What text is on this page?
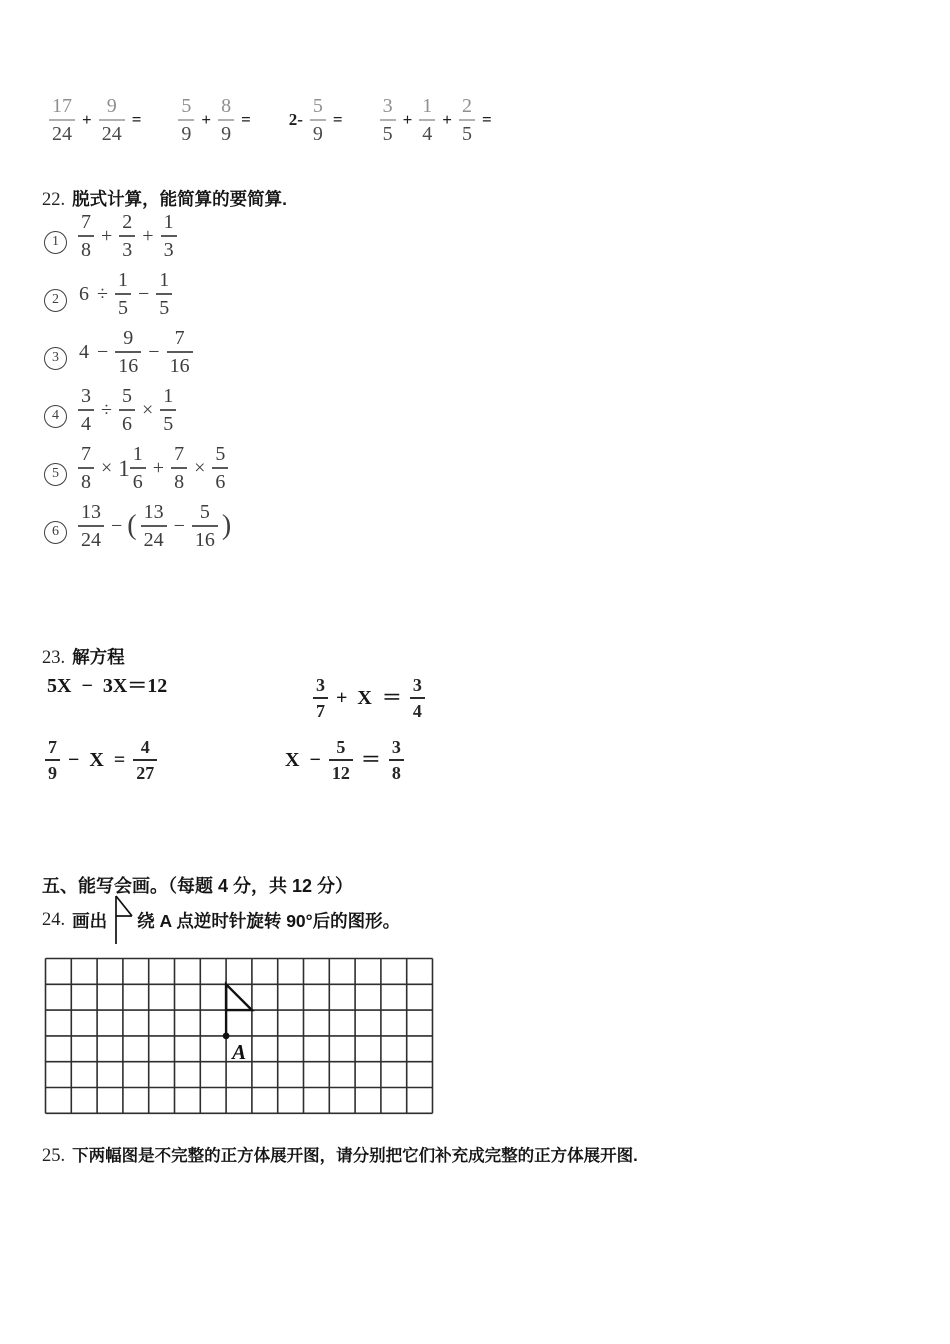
$\frac{17}{24} + \frac{9}{24} = \frac{5}{9} + \frac{8}{9} = 2- \frac{5}{9} = \frac{3}{5} + \frac{1}{4} + \frac{2}{5}$ =
22. 脱式计算，能简算的要简算.
$1 \frac{7}{8} + \frac{2}{3} + \frac{1}{3}$
2	$6 \div \frac{1}{5} - \frac{1}{5}$
3	$4 - \frac{9}{16} - \frac{7}{16}$
$4 \frac{3}{4} \div \frac{5}{6} \times \frac{1}{5}$
$5 \frac{7}{8} \times 1 \frac{1}{6} + \frac{7}{8} \times \frac{5}{6}$
$6 \frac{13}{24}$ − ( $\frac{13}{24} - \frac{5}{16}$ )
23. 解方程
5X − 3X＝12	$\frac{3}{7} + X = \frac{3}{4}$
$\frac{7}{9} - X = \frac{4}{27}$	$X - \frac{5}{12} = \frac{3}{8}$
五、能写会画。（每题 4 分，共 12 分）
24. 画出 绕 A 点逆时针旋转 90°后的图形。
A
25. 下两幅图是不完整的正方体展开图，请分别把它们补充成完整的正方体展开图.
